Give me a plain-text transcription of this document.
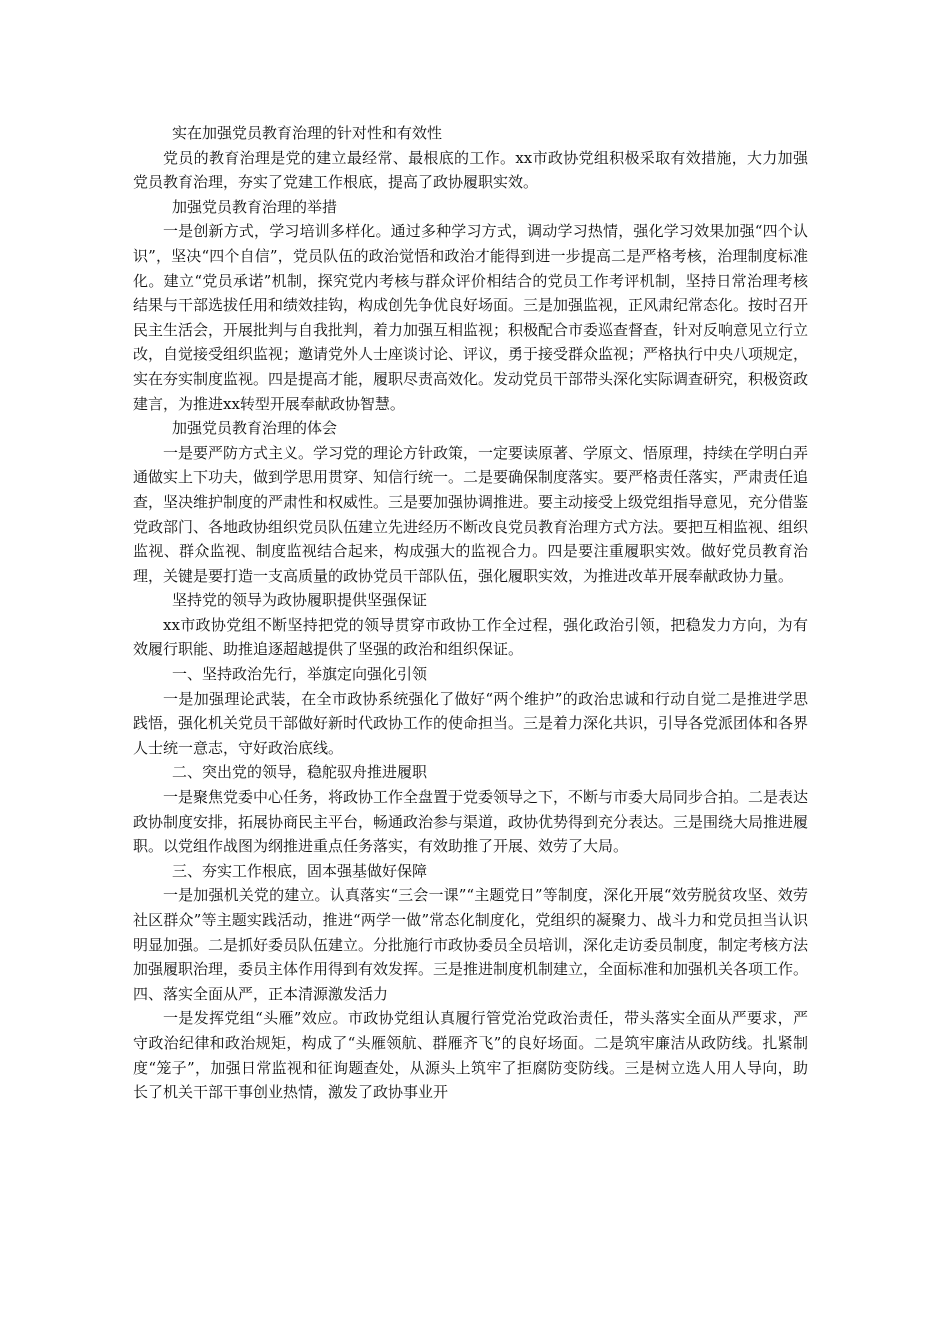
实在加强党员教育治理的针对性和有效性

党员的教育治理是党的建立最经常、最根底的工作。xx市政协党组积极采取有效措施，大力加强党员教育治理，夯实了党建工作根底，提高了政协履职实效。

加强党员教育治理的举措

一是创新方式，学习培训多样化。通过多种学习方式，调动学习热情，强化学习效果加强“四个认识”，坚决“四个自信”，党员队伍的政治觉悟和政治才能得到进一步提高二是严格考核，治理制度标准化。建立“党员承诺”机制，探究党内考核与群众评价相结合的党员工作考评机制，坚持日常治理考核结果与干部选拔任用和绩效挂钩，构成创先争优良好场面。三是加强监视，正风肃纪常态化。按时召开民主生活会，开展批判与自我批判，着力加强互相监视；积极配合市委巡查督查，针对反响意见立行立改，自觉接受组织监视；邀请党外人士座谈讨论、评议，勇于接受群众监视；严格执行中央八项规定，实在夯实制度监视。四是提高才能，履职尽责高效化。发动党员干部带头深化实际调查研究，积极资政建言，为推进xx转型开展奉献政协智慧。

加强党员教育治理的体会

一是要严防方式主义。学习党的理论方针政策，一定要读原著、学原文、悟原理，持续在学明白弄通做实上下功夫，做到学思用贯穿、知信行统一。二是要确保制度落实。要严格责任落实，严肃责任追查，坚决维护制度的严肃性和权威性。三是要加强协调推进。要主动接受上级党组指导意见，充分借鉴党政部门、各地政协组织党员队伍建立先进经历不断改良党员教育治理方式方法。要把互相监视、组织监视、群众监视、制度监视结合起来，构成强大的监视合力。四是要注重履职实效。做好党员教育治理，关键是要打造一支高质量的政协党员干部队伍，强化履职实效，为推进改革开展奉献政协力量。

坚持党的领导为政协履职提供坚强保证

xx市政协党组不断坚持把党的领导贯穿市政协工作全过程，强化政治引领，把稳发力方向，为有效履行职能、助推追逐超越提供了坚强的政治和组织保证。

一、坚持政治先行，举旗定向强化引领

一是加强理论武装，在全市政协系统强化了做好“两个维护”的政治忠诚和行动自觉二是推进学思践悟，强化机关党员干部做好新时代政协工作的使命担当。三是着力深化共识，引导各党派团体和各界人士统一意志，守好政治底线。

二、突出党的领导，稳舵驭舟推进履职

一是聚焦党委中心任务，将政协工作全盘置于党委领导之下，不断与市委大局同步合拍。二是表达政协制度安排，拓展协商民主平台，畅通政治参与渠道，政协优势得到充分表达。三是围绕大局推进履职。以党组作战图为纲推进重点任务落实，有效助推了开展、效劳了大局。

三、夯实工作根底，固本强基做好保障

一是加强机关党的建立。认真落实“三会一课”“主题党日”等制度，深化开展“效劳脱贫攻坚、效劳社区群众”等主题实践活动，推进“两学一做”常态化制度化，党组织的凝聚力、战斗力和党员担当认识明显加强。二是抓好委员队伍建立。分批施行市政协委员全员培训，深化走访委员制度，制定考核方法加强履职治理，委员主体作用得到有效发挥。三是推进制度机制建立，全面标准和加强机关各项工作。四、落实全面从严，正本清源激发活力

一是发挥党组“头雁”效应。市政协党组认真履行管党治党政治责任，带头落实全面从严要求，严守政治纪律和政治规矩，构成了“头雁领航、群雁齐飞”的良好场面。二是筑牢廉洁从政防线。扎紧制度“笼子”，加强日常监视和征询题查处，从源头上筑牢了拒腐防变防线。三是树立选人用人导向，助长了机关干部干事创业热情，激发了政协事业开
